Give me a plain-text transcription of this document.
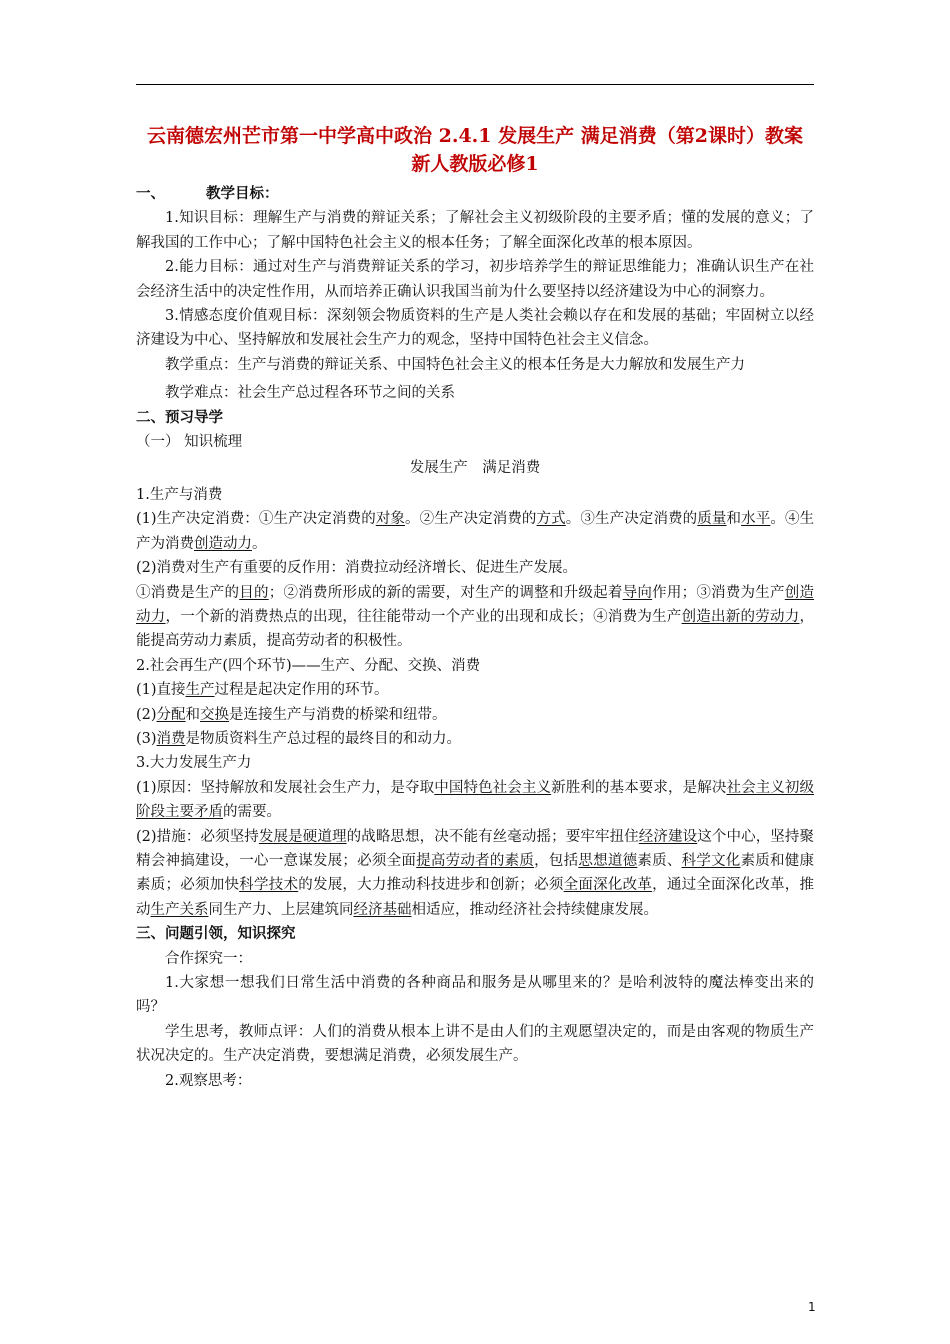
云南德宏州芒市第一中学高中政治 2.4.1 发展生产 满足消费（第2课时）教案 新人教版必修1

一、	教学目标：

1.知识目标：理解生产与消费的辩证关系；了解社会主义初级阶段的主要矛盾；懂的发展的意义；了解我国的工作中心；了解中国特色社会主义的根本任务；了解全面深化改革的根本原因。

2.能力目标：通过对生产与消费辩证关系的学习，初步培养学生的辩证思维能力；准确认识生产在社会经济生活中的决定性作用，从而培养正确认识我国当前为什么要坚持以经济建设为中心的洞察力。

3.情感态度价值观目标：深刻领会物质资料的生产是人类社会赖以存在和发展的基础；牢固树立以经济建设为中心、坚持解放和发展社会生产力的观念，坚持中国特色社会主义信念。

教学重点：生产与消费的辩证关系、中国特色社会主义的根本任务是大力解放和发展生产力

教学难点：社会生产总过程各环节之间的关系

二、预习导学

（一） 知识梳理

发展生产　满足消费

1.生产与消费

(1)生产决定消费：①生产决定消费的对象。②生产决定消费的方式。③生产决定消费的质量和水平。④生产为消费创造动力。

(2)消费对生产有重要的反作用：消费拉动经济增长、促进生产发展。

①消费是生产的目的；②消费所形成的新的需要，对生产的调整和升级起着导向作用；③消费为生产创造动力，一个新的消费热点的出现，往往能带动一个产业的出现和成长；④消费为生产创造出新的劳动力，能提高劳动力素质，提高劳动者的积极性。

2.社会再生产(四个环节)——生产、分配、交换、消费

(1)直接生产过程是起决定作用的环节。

(2)分配和交换是连接生产与消费的桥梁和纽带。

(3)消费是物质资料生产总过程的最终目的和动力。

3.大力发展生产力

(1)原因：坚持解放和发展社会生产力，是夺取中国特色社会主义新胜利的基本要求，是解决社会主义初级阶段主要矛盾的需要。

(2)措施：必须坚持发展是硬道理的战略思想，决不能有丝毫动摇；要牢牢扭住经济建设这个中心，坚持聚精会神搞建设，一心一意谋发展；必须全面提高劳动者的素质，包括思想道德素质、科学文化素质和健康素质；必须加快科学技术的发展，大力推动科技进步和创新；必须全面深化改革，通过全面深化改革，推动生产关系同生产力、上层建筑同经济基础相适应，推动经济社会持续健康发展。

三、问题引领，知识探究

合作探究一：

1.大家想一想我们日常生活中消费的各种商品和服务是从哪里来的？是哈利波特的魔法棒变出来的吗？

学生思考，教师点评：人们的消费从根本上讲不是由人们的主观愿望决定的，而是由客观的物质生产状况决定的。生产决定消费，要想满足消费，必须发展生产。

2.观察思考：

1
